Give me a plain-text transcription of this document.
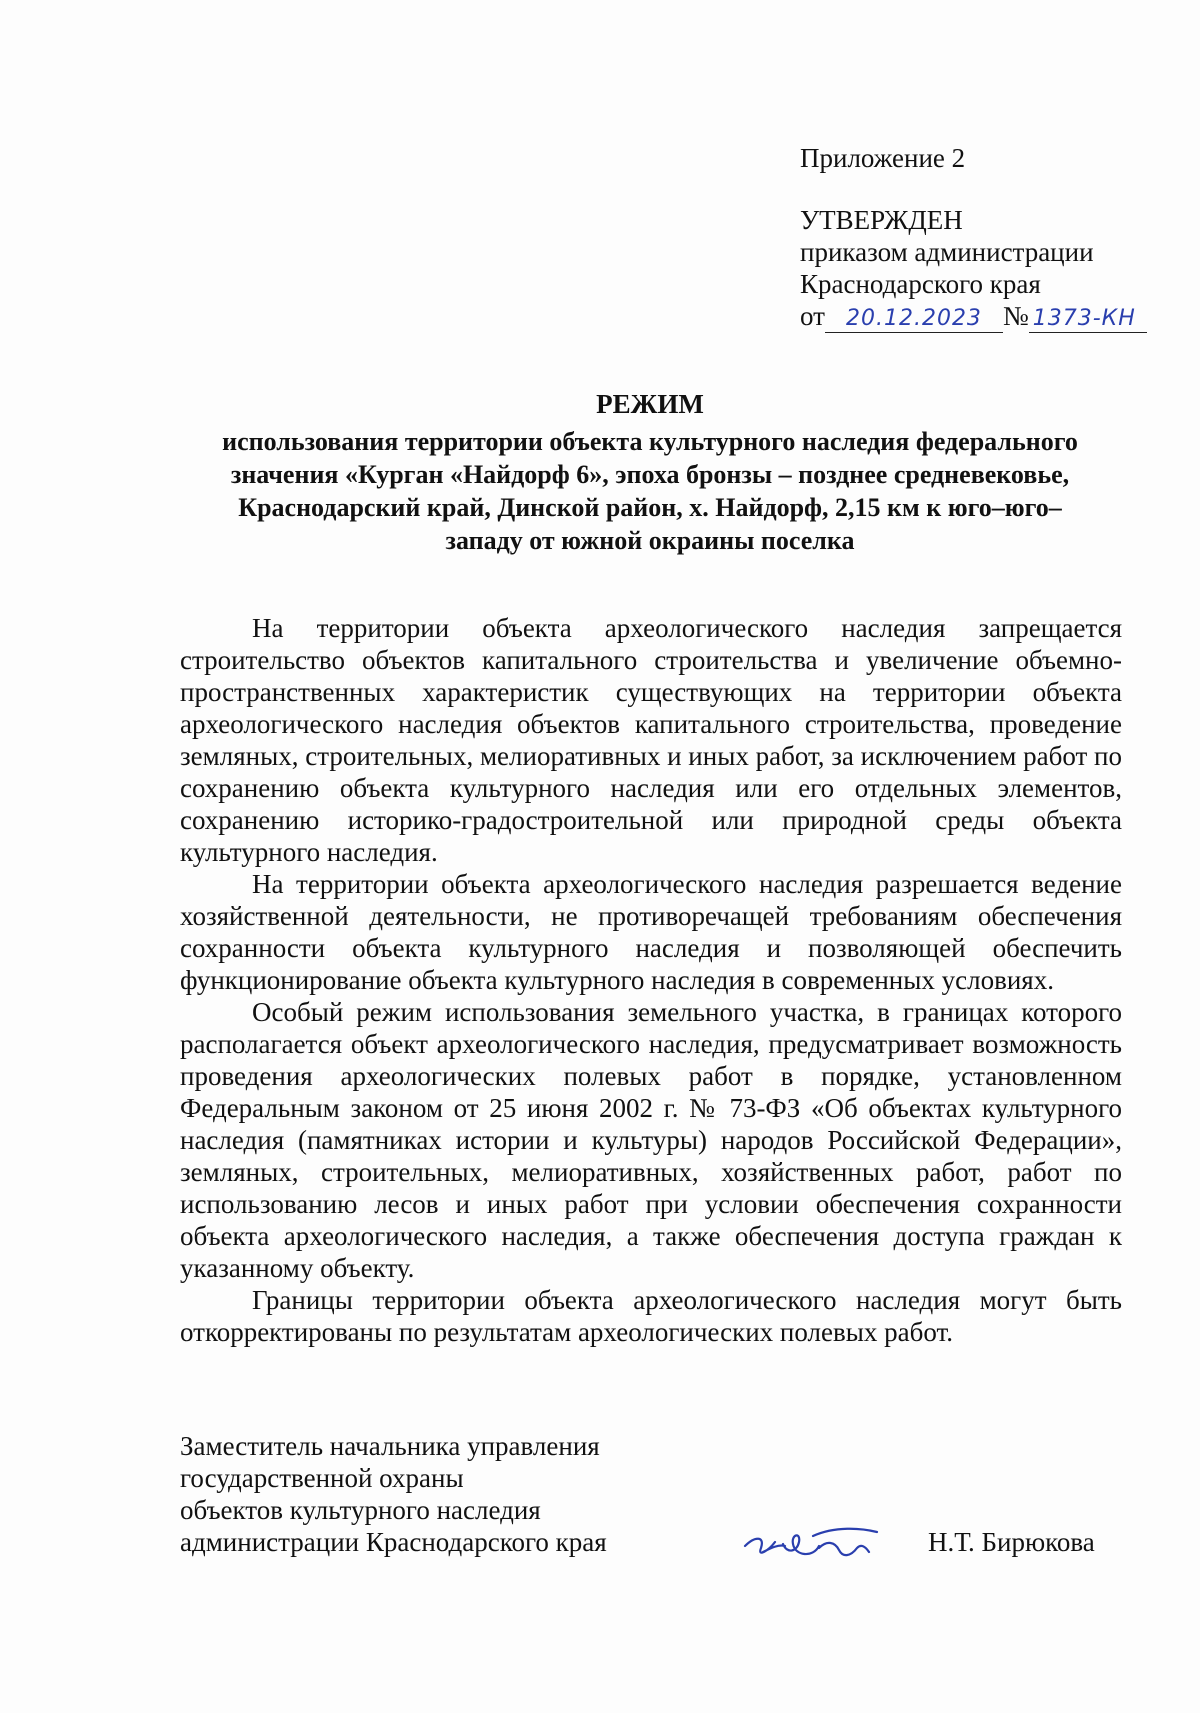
Приложение 2
УТВЕРЖДЕН
приказом администрации
Краснодарского края
от 20.12.2023 № 1373-КН
РЕЖИМ
использования территории объекта культурного наследия федерального
значения «Курган «Найдорф 6», эпоха бронзы – позднее средневековье,
Краснодарский край, Динской район, х. Найдорф, 2,15 км к юго–юго–
западу от южной окраины поселка

На территории объекта археологического наследия запрещается строительство объектов капитального строительства и увеличение объемно-пространственных характеристик существующих на территории объекта археологического наследия объектов капитального строительства, проведение земляных, строительных, мелиоративных и иных работ, за исключением работ по сохранению объекта культурного наследия или его отдельных элементов, сохранению историко-градостроительной или природной среды объекта культурного наследия.

На территории объекта археологического наследия разрешается ведение хозяйственной деятельности, не противоречащей требованиям обеспечения сохранности объекта культурного наследия и позволяющей обеспечить функционирование объекта культурного наследия в современных условиях.

Особый режим использования земельного участка, в границах которого располагается объект археологического наследия, предусматривает возможность проведения археологических полевых работ в порядке, установленном Федеральным законом от 25 июня 2002 г. № 73-ФЗ «Об объектах культурного наследия (памятниках истории и культуры) народов Российской Федерации», земляных, строительных, мелиоративных, хозяйственных работ, работ по использованию лесов и иных работ при условии обеспечения сохранности объекта археологического наследия, а также обеспечения доступа граждан к указанному объекту.

Границы территории объекта археологического наследия могут быть откорректированы по результатам археологических полевых работ.

Заместитель начальника управления
государственной охраны
объектов культурного наследия
администрации Краснодарского края	Н.Т. Бирюкова
